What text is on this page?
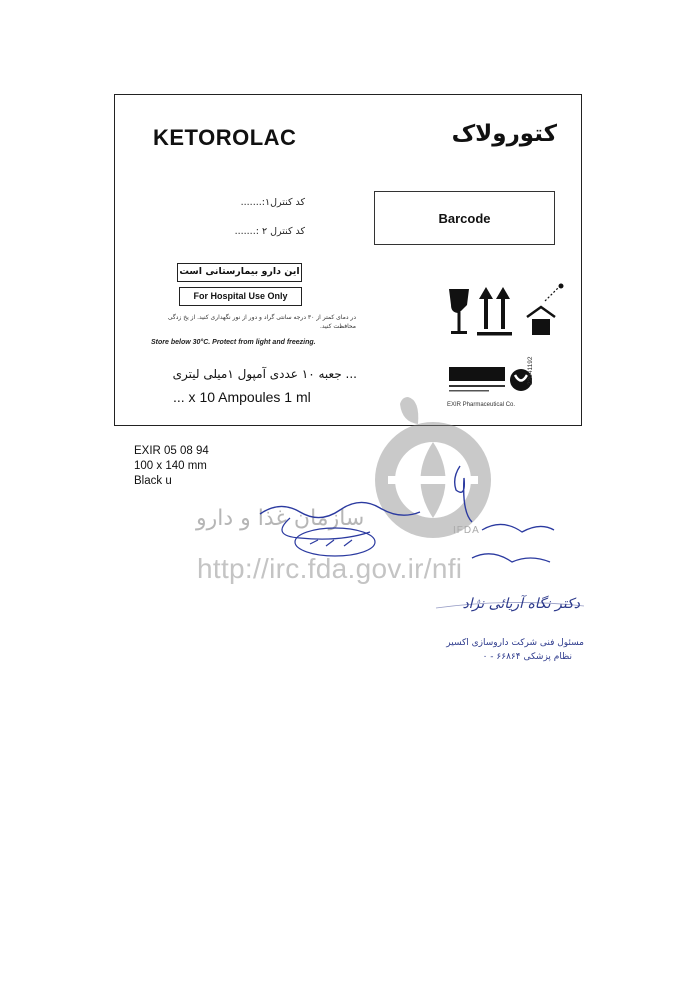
KETOROLAC	کتورولاک
کد کنترل۱:.......
کد کنترل ۲ :.......
Barcode
این دارو بیمارستانی است
For Hospital Use Only
در دمای کمتر از ۳۰ درجه سانتی گراد و دور از نور نگهداری کنید. از یخ زدگی محافظت کنید.
Store below 30°C. Protect from light and freezing.
... جعبه ۱۰ عددی آمپول ۱میلی لیتری
... x 10 Ampoules 1 ml	EXIR Pharmaceutical Co.
22041192
EXIR 05 08 94
100 x 140 mm
Black u
سازمان غذا و دارو
http://irc.fda.gov.ir/nfi
IFDA
دکتر نگاه آریائی نژاد
مسئول فنی شرکت داروسازی اکسیر
نظام پزشکی ۶۶۸۶۴ - ۰
